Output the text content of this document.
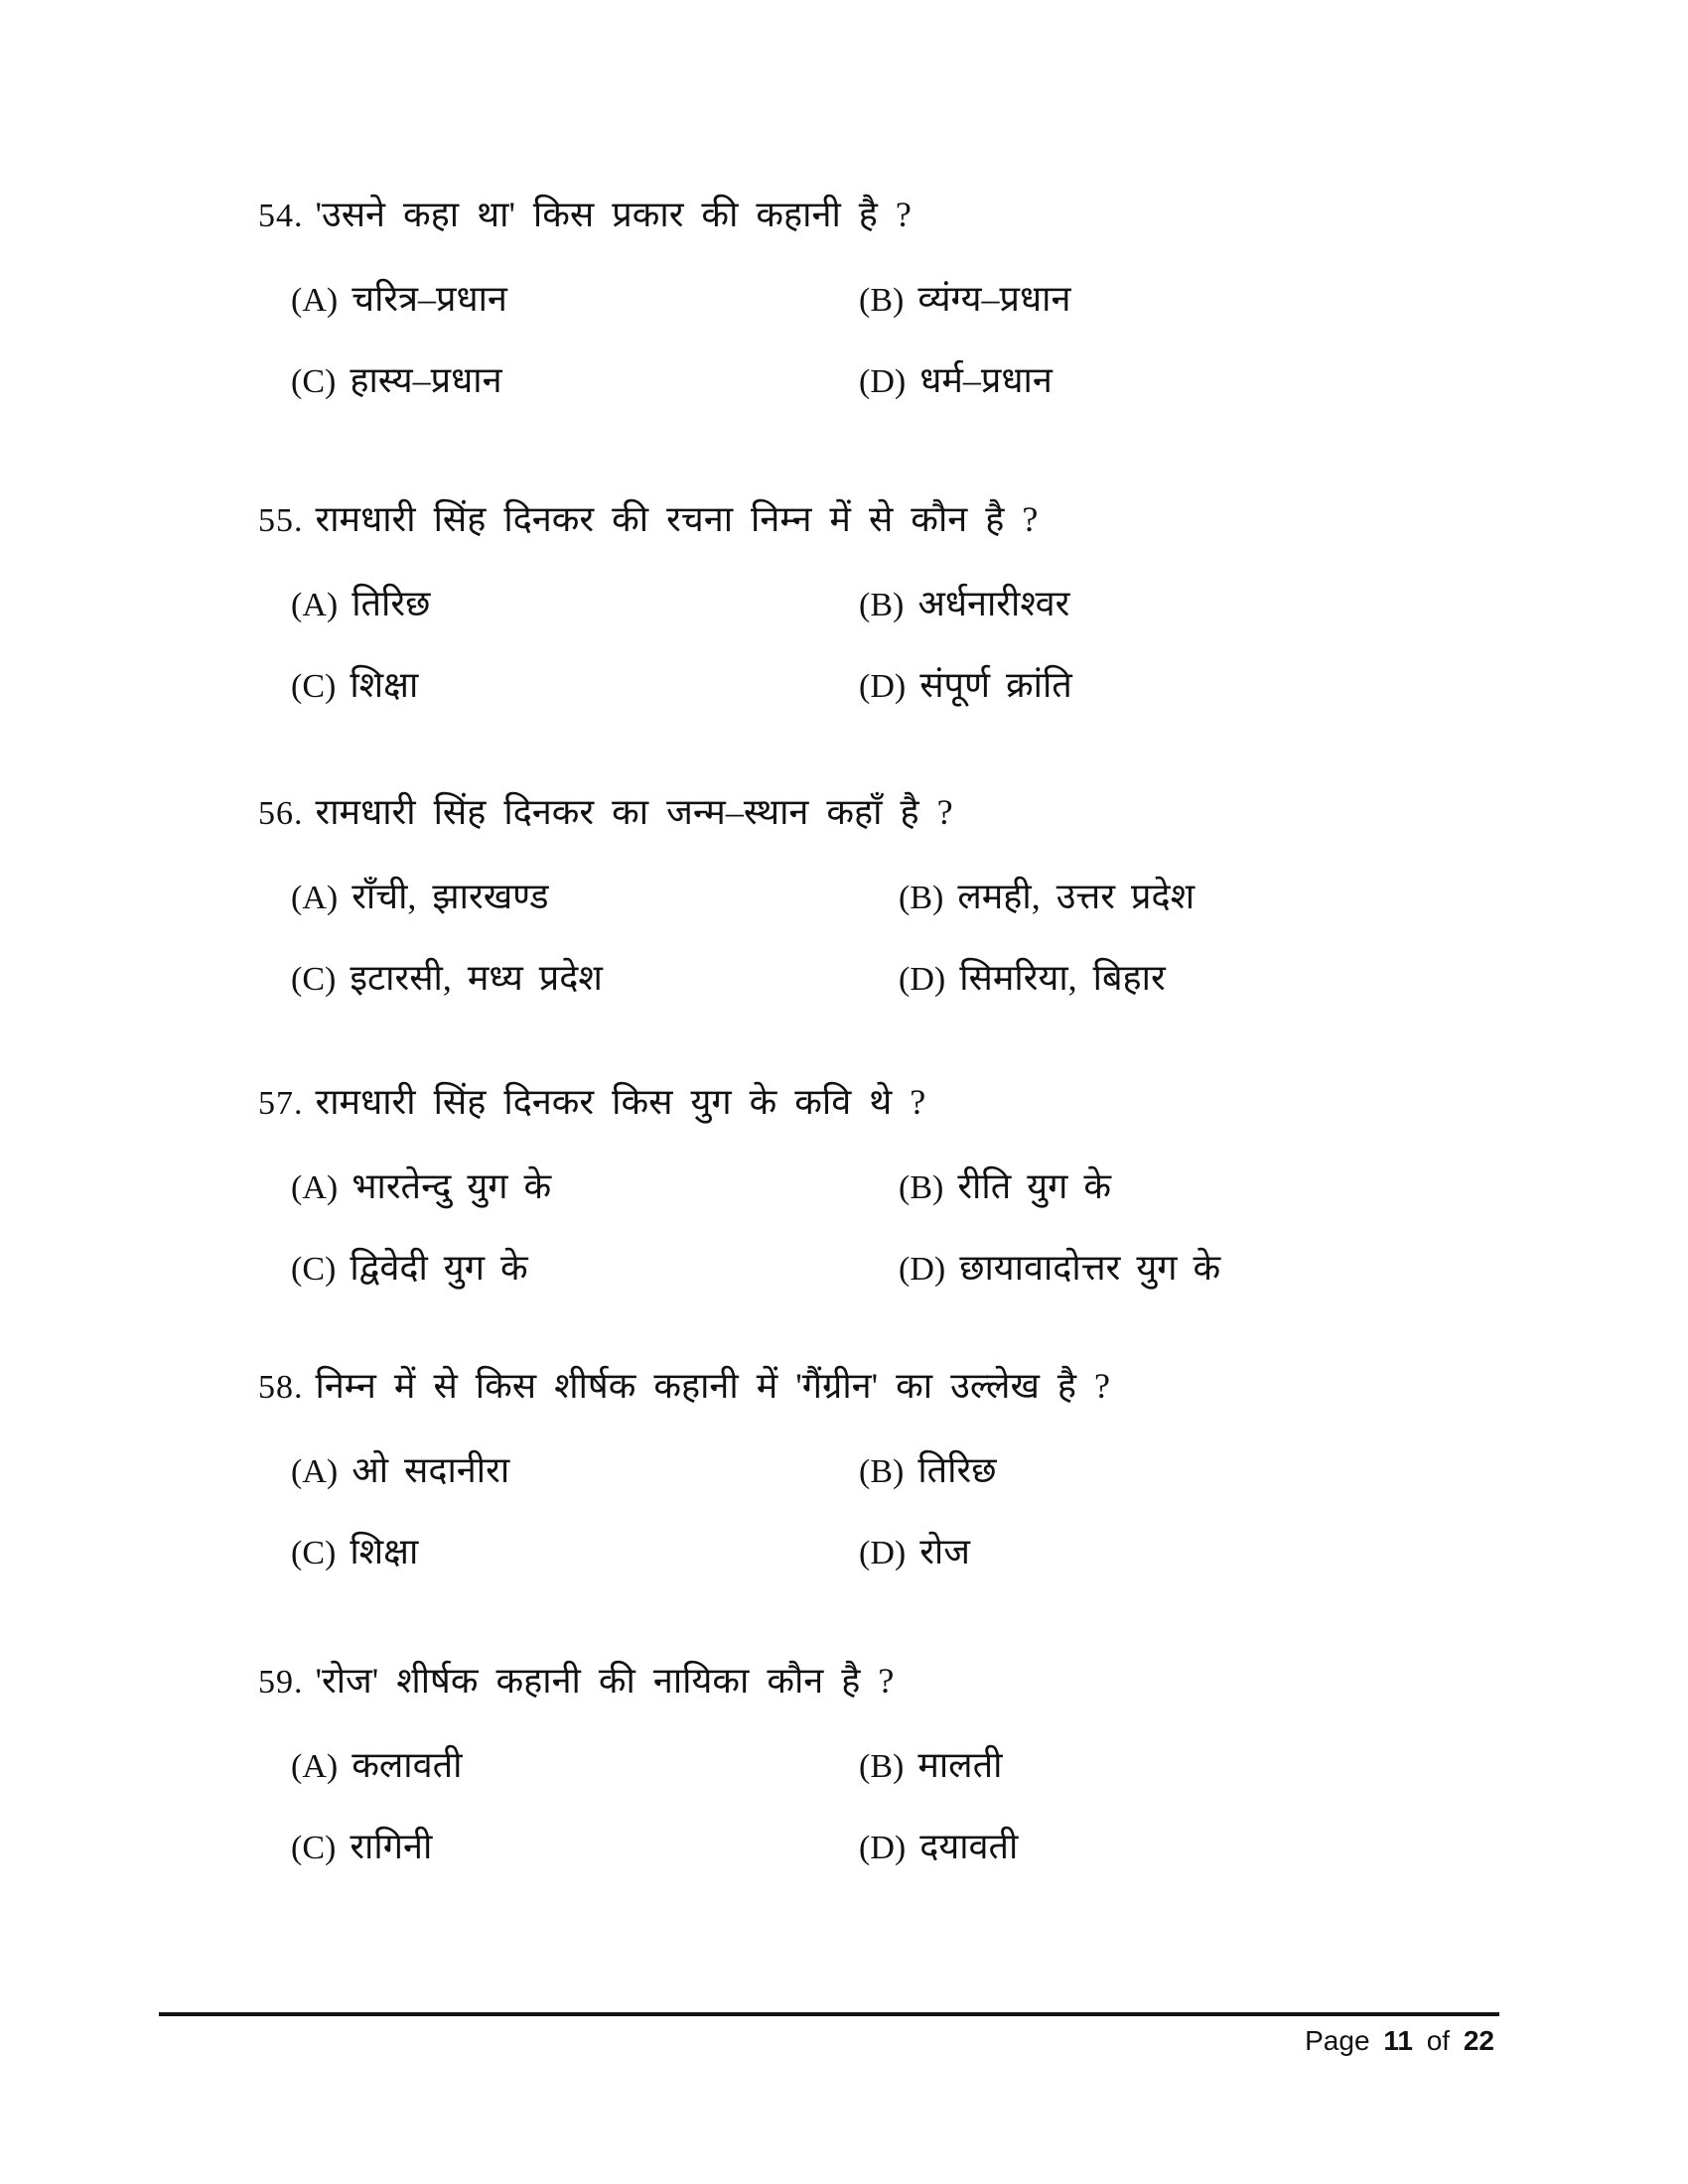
54. 'उसने कहा था' किस प्रकार की कहानी है ?
(A) चरित्र–प्रधान	(B) व्यंग्य–प्रधान
(C) हास्य–प्रधान	(D) धर्म–प्रधान
55. रामधारी सिंह दिनकर की रचना निम्न में से कौन है ?
(A) तिरिछ	(B) अर्धनारीश्वर
(C) शिक्षा	(D) संपूर्ण क्रांति
56. रामधारी सिंह दिनकर का जन्म–स्थान कहाँ है ?
(A) राँची, झारखण्ड	(B) लमही, उत्तर प्रदेश
(C) इटारसी, मध्य प्रदेश	(D) सिमरिया, बिहार
57. रामधारी सिंह दिनकर किस युग के कवि थे ?
(A) भारतेन्दु युग के	(B) रीति युग के
(C) द्विवेदी युग के	(D) छायावादोत्तर युग के
58. निम्न में से किस शीर्षक कहानी में 'गैंग्रीन' का उल्लेख है ?
(A) ओ सदानीरा	(B) तिरिछ
(C) शिक्षा	(D) रोज
59. 'रोज' शीर्षक कहानी की नायिका कौन है ?
(A) कलावती	(B) मालती
(C) रागिनी	(D) दयावती
Page 11 of 22
